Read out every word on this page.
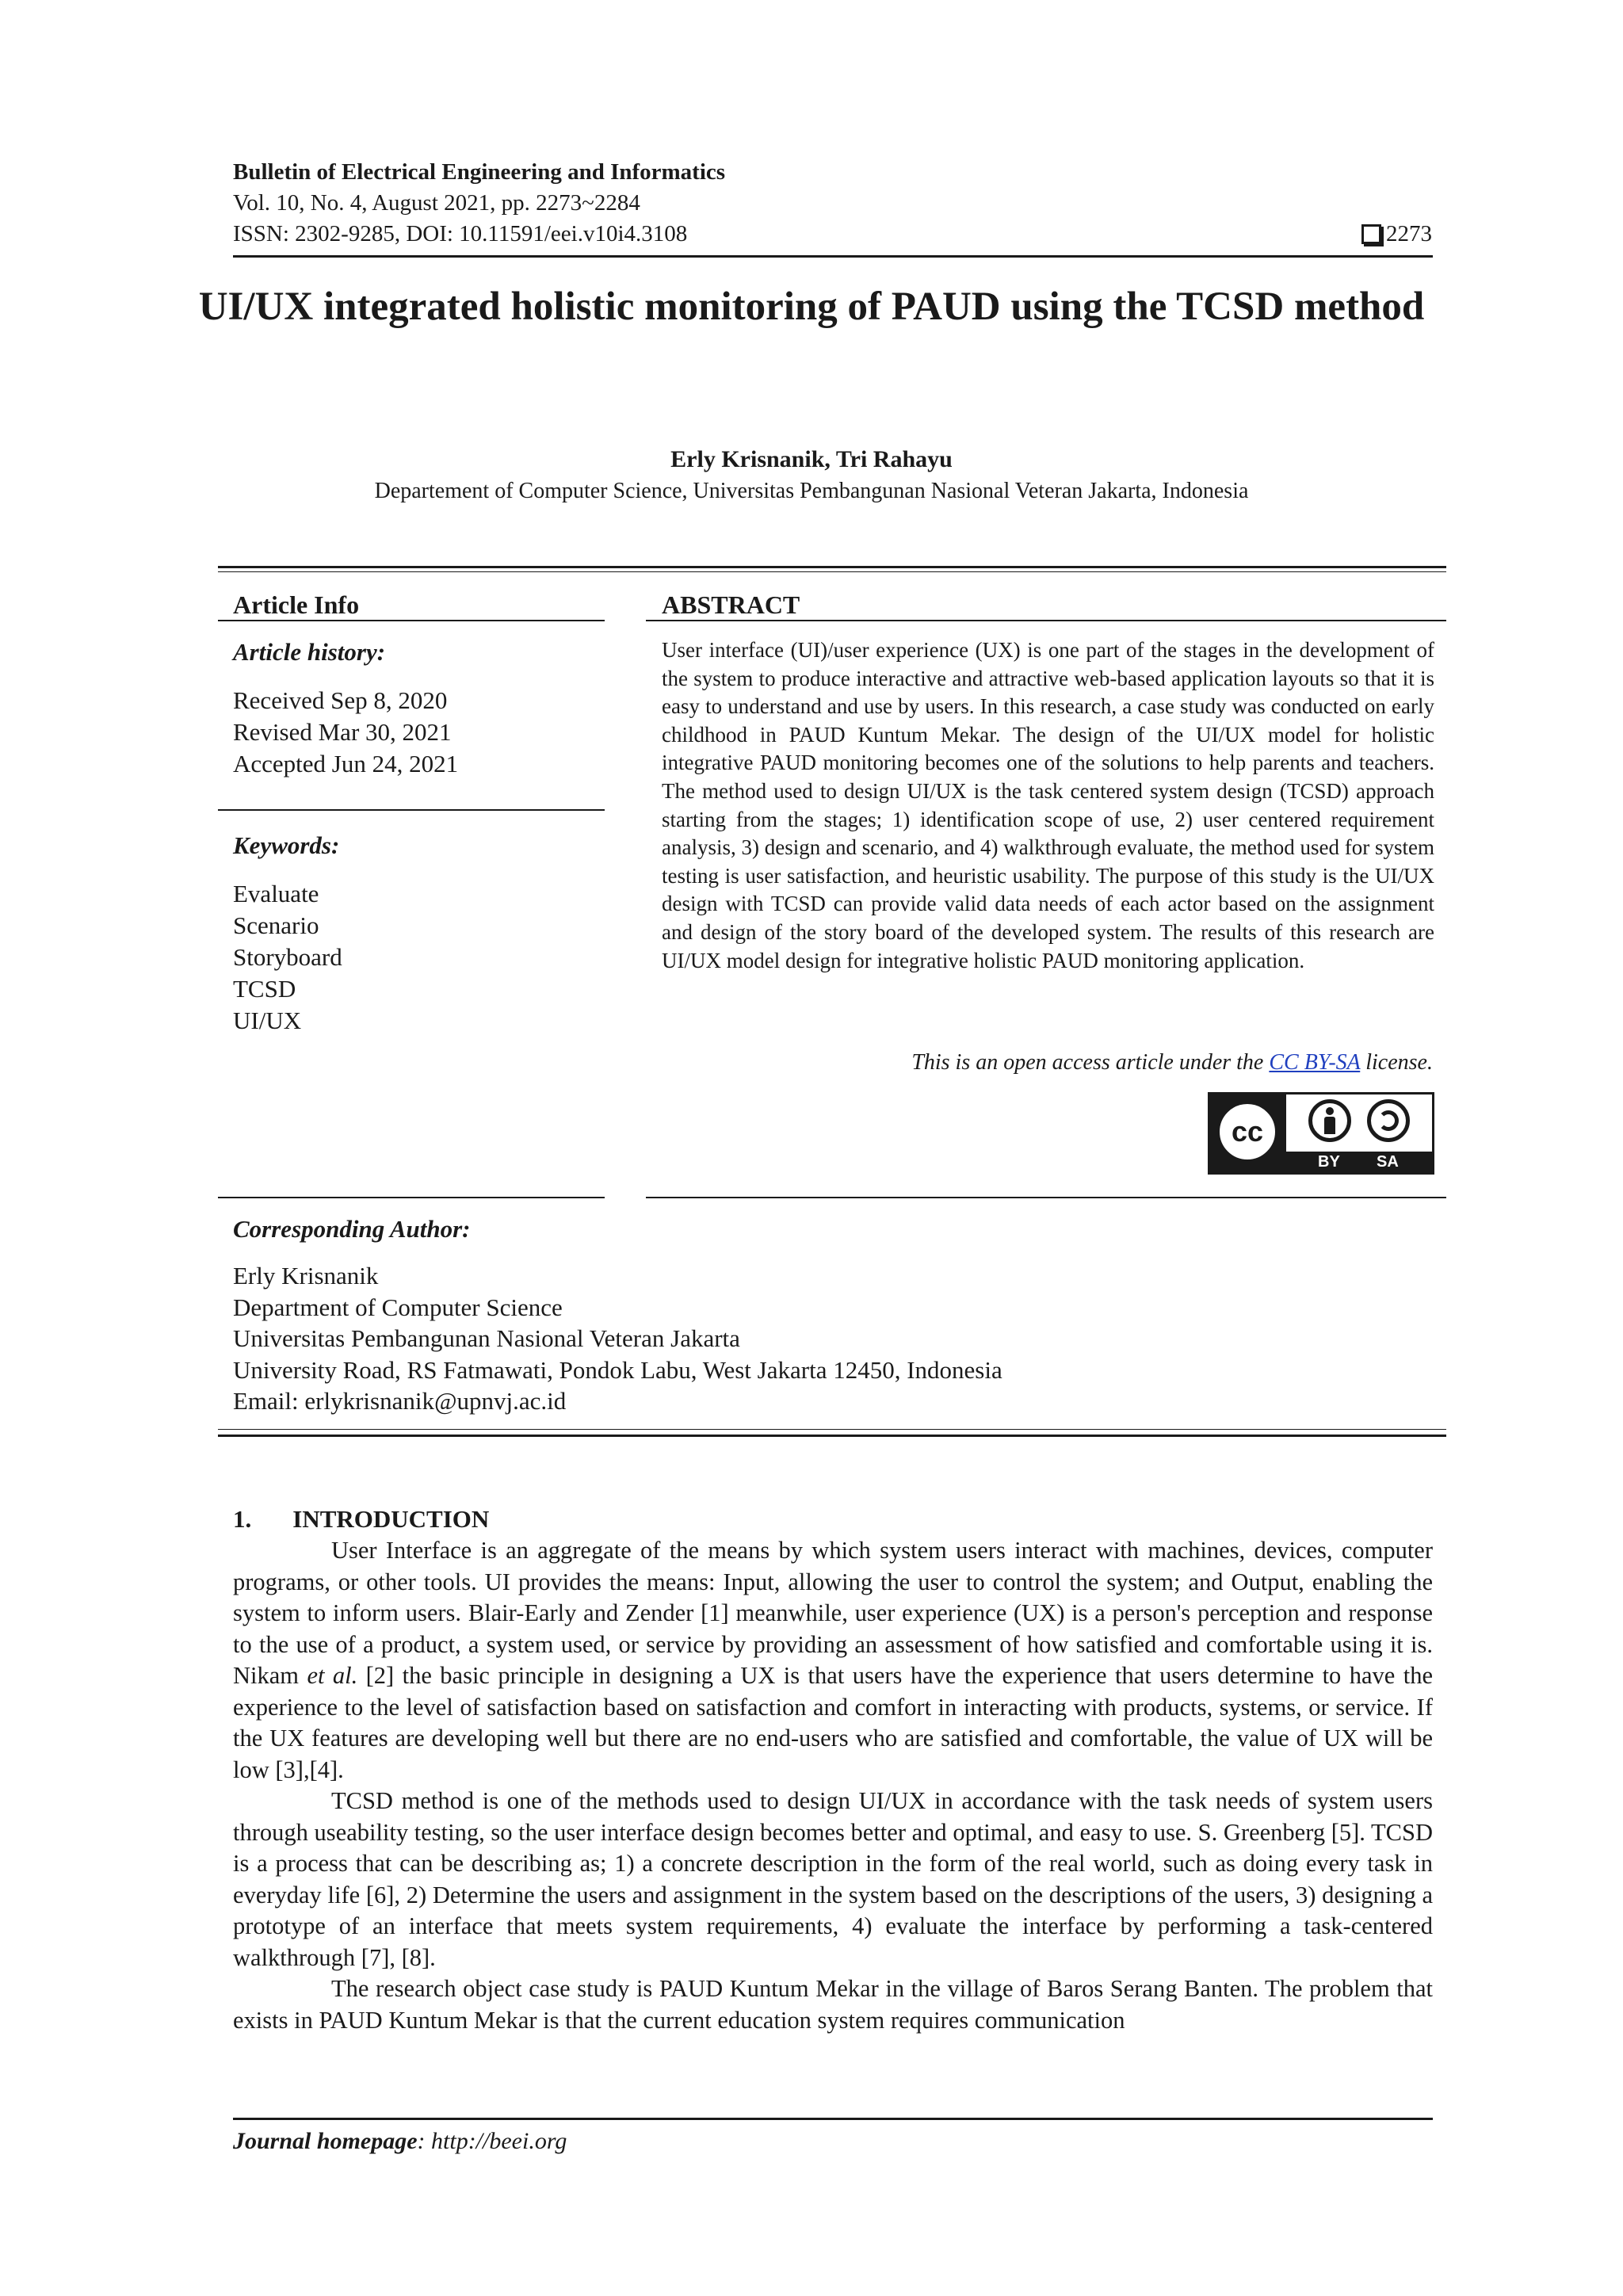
Bulletin of Electrical Engineering and Informatics
Vol. 10, No. 4, August 2021, pp. 2273~2284
ISSN: 2302-9285, DOI: 10.11591/eei.v10i4.3108	2273
UI/UX integrated holistic monitoring of PAUD using the TCSD method
Erly Krisnanik, Tri Rahayu
Departement of Computer Science, Universitas Pembangunan Nasional Veteran Jakarta, Indonesia
Article Info
Article history:
Received Sep 8, 2020
Revised Mar 30, 2021
Accepted Jun 24, 2021
Keywords:
Evaluate
Scenario
Storyboard
TCSD
UI/UX
ABSTRACT
User interface (UI)/user experience (UX) is one part of the stages in the development of the system to produce interactive and attractive web-based application layouts so that it is easy to understand and use by users. In this research, a case study was conducted on early childhood in PAUD Kuntum Mekar. The design of the UI/UX model for holistic integrative PAUD monitoring becomes one of the solutions to help parents and teachers. The method used to design UI/UX is the task centered system design (TCSD) approach starting from the stages; 1) identification scope of use, 2) user centered requirement analysis, 3) design and scenario, and 4) walkthrough evaluate, the method used for system testing is user satisfaction, and heuristic usability. The purpose of this study is the UI/UX design with TCSD can provide valid data needs of each actor based on the assignment and design of the story board of the developed system. The results of this research are UI/UX model design for integrative holistic PAUD monitoring application.
This is an open access article under the CC BY-SA license.
cc
BY SA
Corresponding Author:
Erly Krisnanik
Department of Computer Science
Universitas Pembangunan Nasional Veteran Jakarta
University Road, RS Fatmawati, Pondok Labu, West Jakarta 12450, Indonesia
Email: erlykrisnanik@upnvj.ac.id
1. INTRODUCTION

User Interface is an aggregate of the means by which system users interact with machines, devices, computer programs, or other tools. UI provides the means: Input, allowing the user to control the system; and Output, enabling the system to inform users. Blair-Early and Zender [1] meanwhile, user experience (UX) is a person's perception and response to the use of a product, a system used, or service by providing an assessment of how satisfied and comfortable using it is. Nikam et al. [2] the basic principle in designing a UX is that users have the experience that users determine to have the experience to the level of satisfaction based on satisfaction and comfort in interacting with products, systems, or service. If the UX features are developing well but there are no end-users who are satisfied and comfortable, the value of UX will be low [3],[4].

TCSD method is one of the methods used to design UI/UX in accordance with the task needs of system users through useability testing, so the user interface design becomes better and optimal, and easy to use. S. Greenberg [5]. TCSD is a process that can be describing as; 1) a concrete description in the form of the real world, such as doing every task in everyday life [6], 2) Determine the users and assignment in the system based on the descriptions of the users, 3) designing a prototype of an interface that meets system requirements, 4) evaluate the interface by performing a task-centered walkthrough [7], [8].

The research object case study is PAUD Kuntum Mekar in the village of Baros Serang Banten. The problem that exists in PAUD Kuntum Mekar is that the current education system requires communication

Journal homepage: http://beei.org
